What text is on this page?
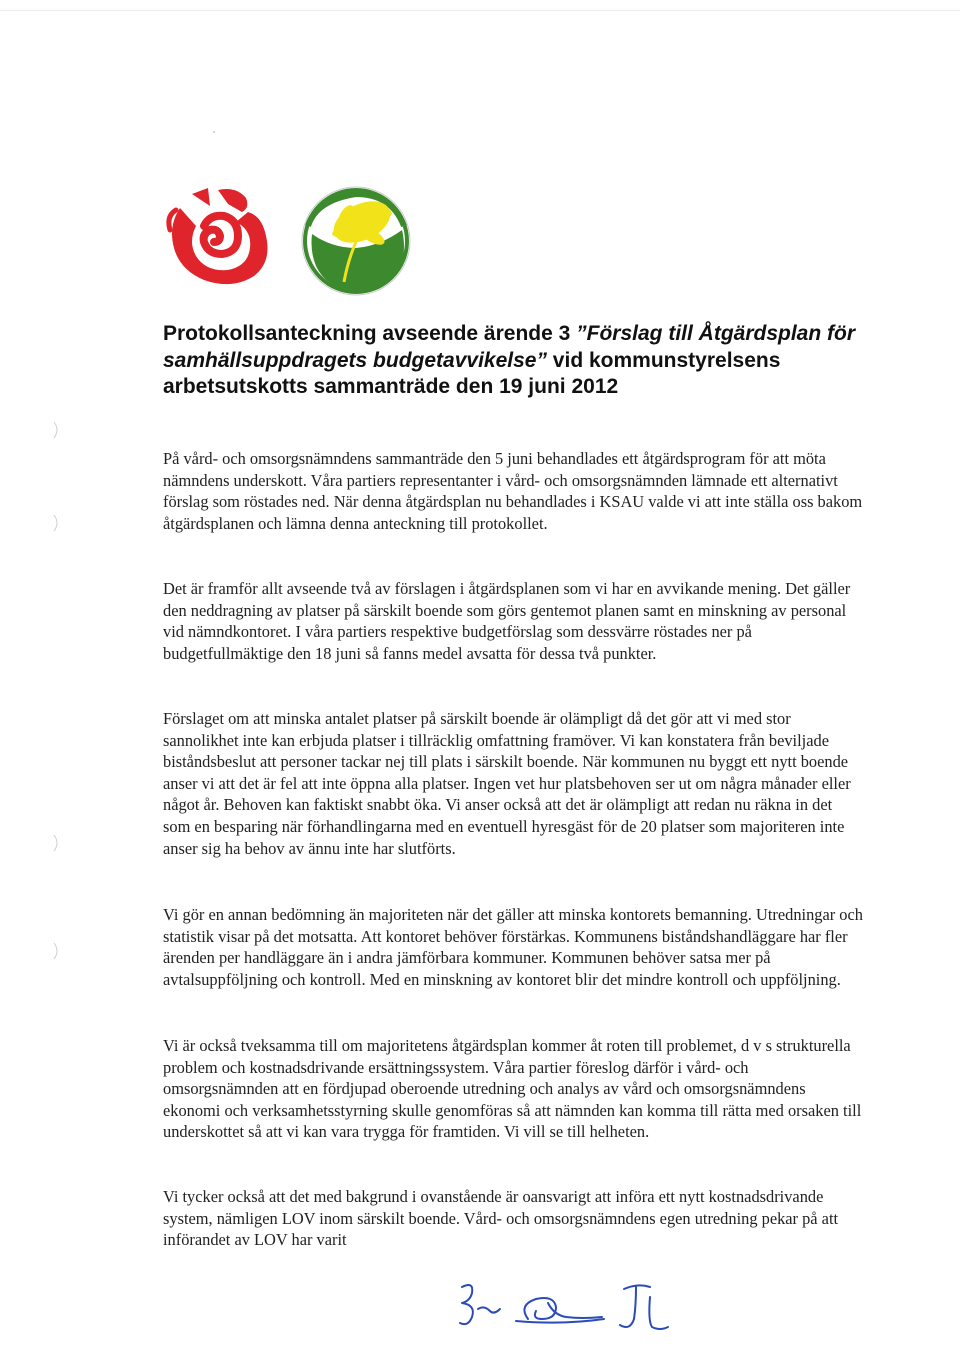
Protokollsanteckning avseende ärende 3 ”Förslag till Åtgärdsplan för samhällsuppdragets budgetavvikelse” vid kommunstyrelsens arbetsutskotts sammanträde den 19 juni 2012

På vård- och omsorgsnämndens sammanträde den 5 juni behandlades ett åtgärdsprogram för att möta nämndens underskott. Våra partiers representanter i vård- och omsorgsnämnden lämnade ett alternativt förslag som röstades ned. När denna åtgärdsplan nu behandlades i KSAU valde vi att inte ställa oss bakom åtgärdsplanen och lämna denna anteckning till protokollet.

Det är framför allt avseende två av förslagen i åtgärdsplanen som vi har en avvikande mening. Det gäller den neddragning av platser på särskilt boende som görs gentemot planen samt en minskning av personal vid nämndkontoret. I våra partiers respektive budgetförslag som dessvärre röstades ner på budgetfullmäktige den 18 juni så fanns medel avsatta för dessa två punkter.

Förslaget om att minska antalet platser på särskilt boende är olämpligt då det gör att vi med stor sannolikhet inte kan erbjuda platser i tillräcklig omfattning framöver. Vi kan konstatera från beviljade biståndsbeslut att personer tackar nej till plats i särskilt boende. När kommunen nu byggt ett nytt boende anser vi att det är fel att inte öppna alla platser. Ingen vet hur platsbehoven ser ut om några månader eller något år. Behoven kan faktiskt snabbt öka. Vi anser också att det är olämpligt att redan nu räkna in det som en besparing när förhandlingarna med en eventuell hyresgäst för de 20 platser som majoriteren inte anser sig ha behov av ännu inte har slutförts.

Vi gör en annan bedömning än majoriteten när det gäller att minska kontorets bemanning. Utredningar och statistik visar på det motsatta. Att kontoret behöver förstärkas. Kommunens biståndshandläggare har fler ärenden per handläggare än i andra jämförbara kommuner. Kommunen behöver satsa mer på avtalsuppföljning och kontroll. Med en minskning av kontoret blir det mindre kontroll och uppföljning.

Vi är också tveksamma till om majoritetens åtgärdsplan kommer åt roten till problemet, d v s strukturella problem och kostnadsdrivande ersättningssystem. Våra partier föreslog därför i vård- och omsorgsnämnden att en fördjupad oberoende utredning och analys av vård och omsorgsnämndens ekonomi och verksamhetsstyrning skulle genomföras så att nämnden kan komma till rätta med orsaken till underskottet så att vi kan vara trygga för framtiden. Vi vill se till helheten.

Vi tycker också att det med bakgrund i ovanstående är oansvarigt att införa ett nytt kostnadsdrivande system, nämligen LOV inom särskilt boende. Vård- och omsorgsnämndens egen utredning pekar på att införandet av LOV har varit
